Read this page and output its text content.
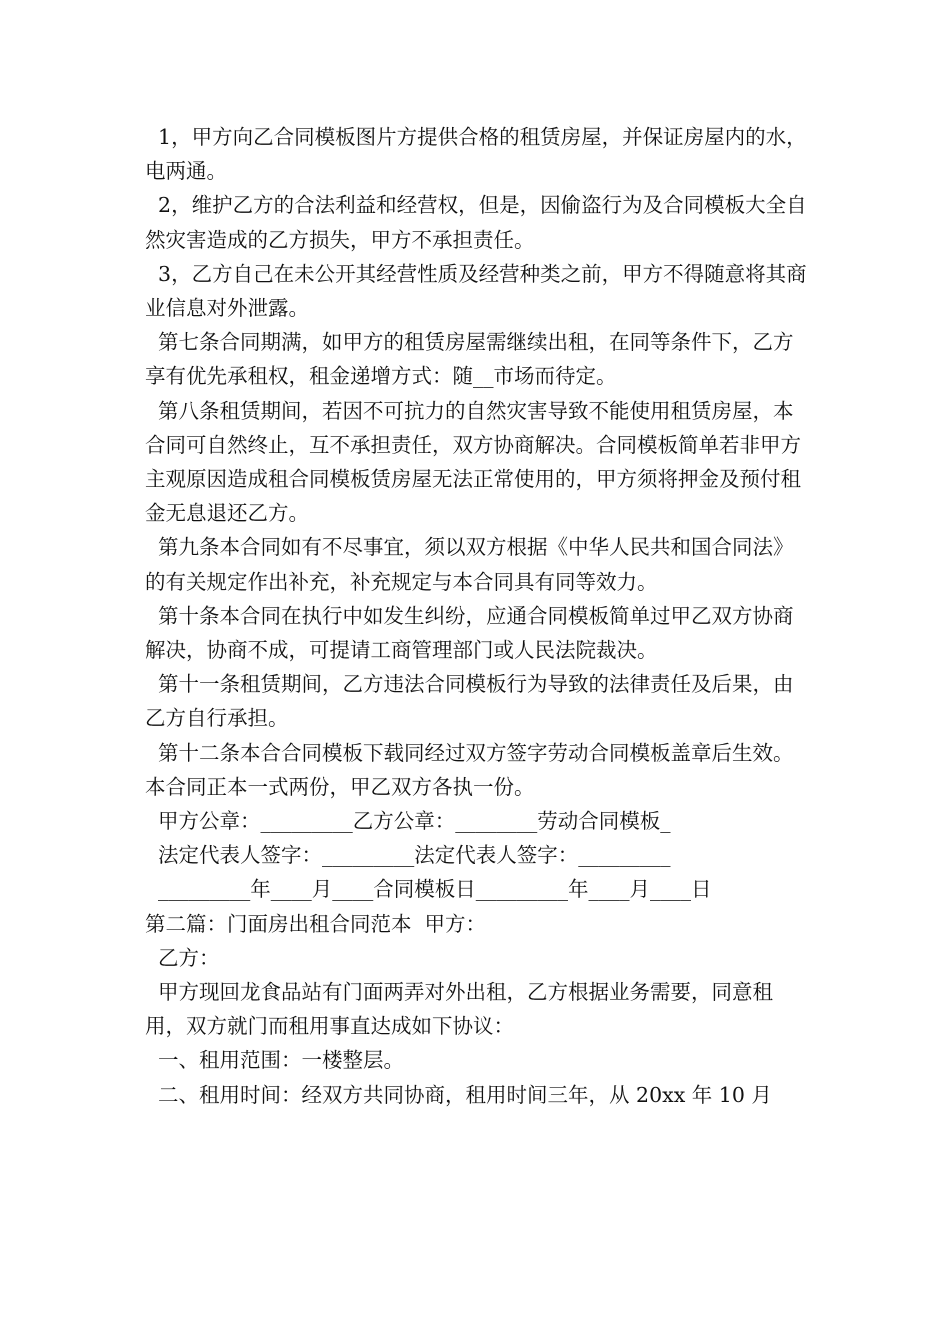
1，甲方向乙合同模板图片方提供合格的租赁房屋，并保证房屋内的水，电两通。

2，维护乙方的合法利益和经营权，但是，因偷盗行为及合同模板大全自然灾害造成的乙方损失，甲方不承担责任。

3，乙方自己在未公开其经营性质及经营种类之前，甲方不得随意将其商业信息对外泄露。

第七条合同期满，如甲方的租赁房屋需继续出租，在同等条件下，乙方享有优先承租权，租金递增方式：随__市场而待定。

第八条租赁期间，若因不可抗力的自然灾害导致不能使用租赁房屋，本合同可自然终止，互不承担责任，双方协商解决。合同模板简单若非甲方主观原因造成租合同模板赁房屋无法正常使用的，甲方须将押金及预付租金无息退还乙方。

第九条本合同如有不尽事宜，须以双方根据《中华人民共和国合同法》的有关规定作出补充，补充规定与本合同具有同等效力。

第十条本合同在执行中如发生纠纷，应通合同模板简单过甲乙双方协商解决，协商不成，可提请工商管理部门或人民法院裁决。

第十一条租赁期间，乙方违法合同模板行为导致的法律责任及后果，由乙方自行承担。

第十二条本合合同模板下载同经过双方签字劳动合同模板盖章后生效。本合同正本一式两份，甲乙双方各执一份。

甲方公章：_________乙方公章：________劳动合同模板_

法定代表人签字：_________法定代表人签字：_________

_________年____月____合同模板日_________年____月____日

第二篇：门面房出租合同范本  甲方：

乙方：

甲方现回龙食品站有门面两弄对外出租，乙方根据业务需要，同意租用，双方就门而租用事直达成如下协议：

一、租用范围：一楼整层。

二、租用时间：经双方共同协商，租用时间三年，从 20xx 年 10 月
